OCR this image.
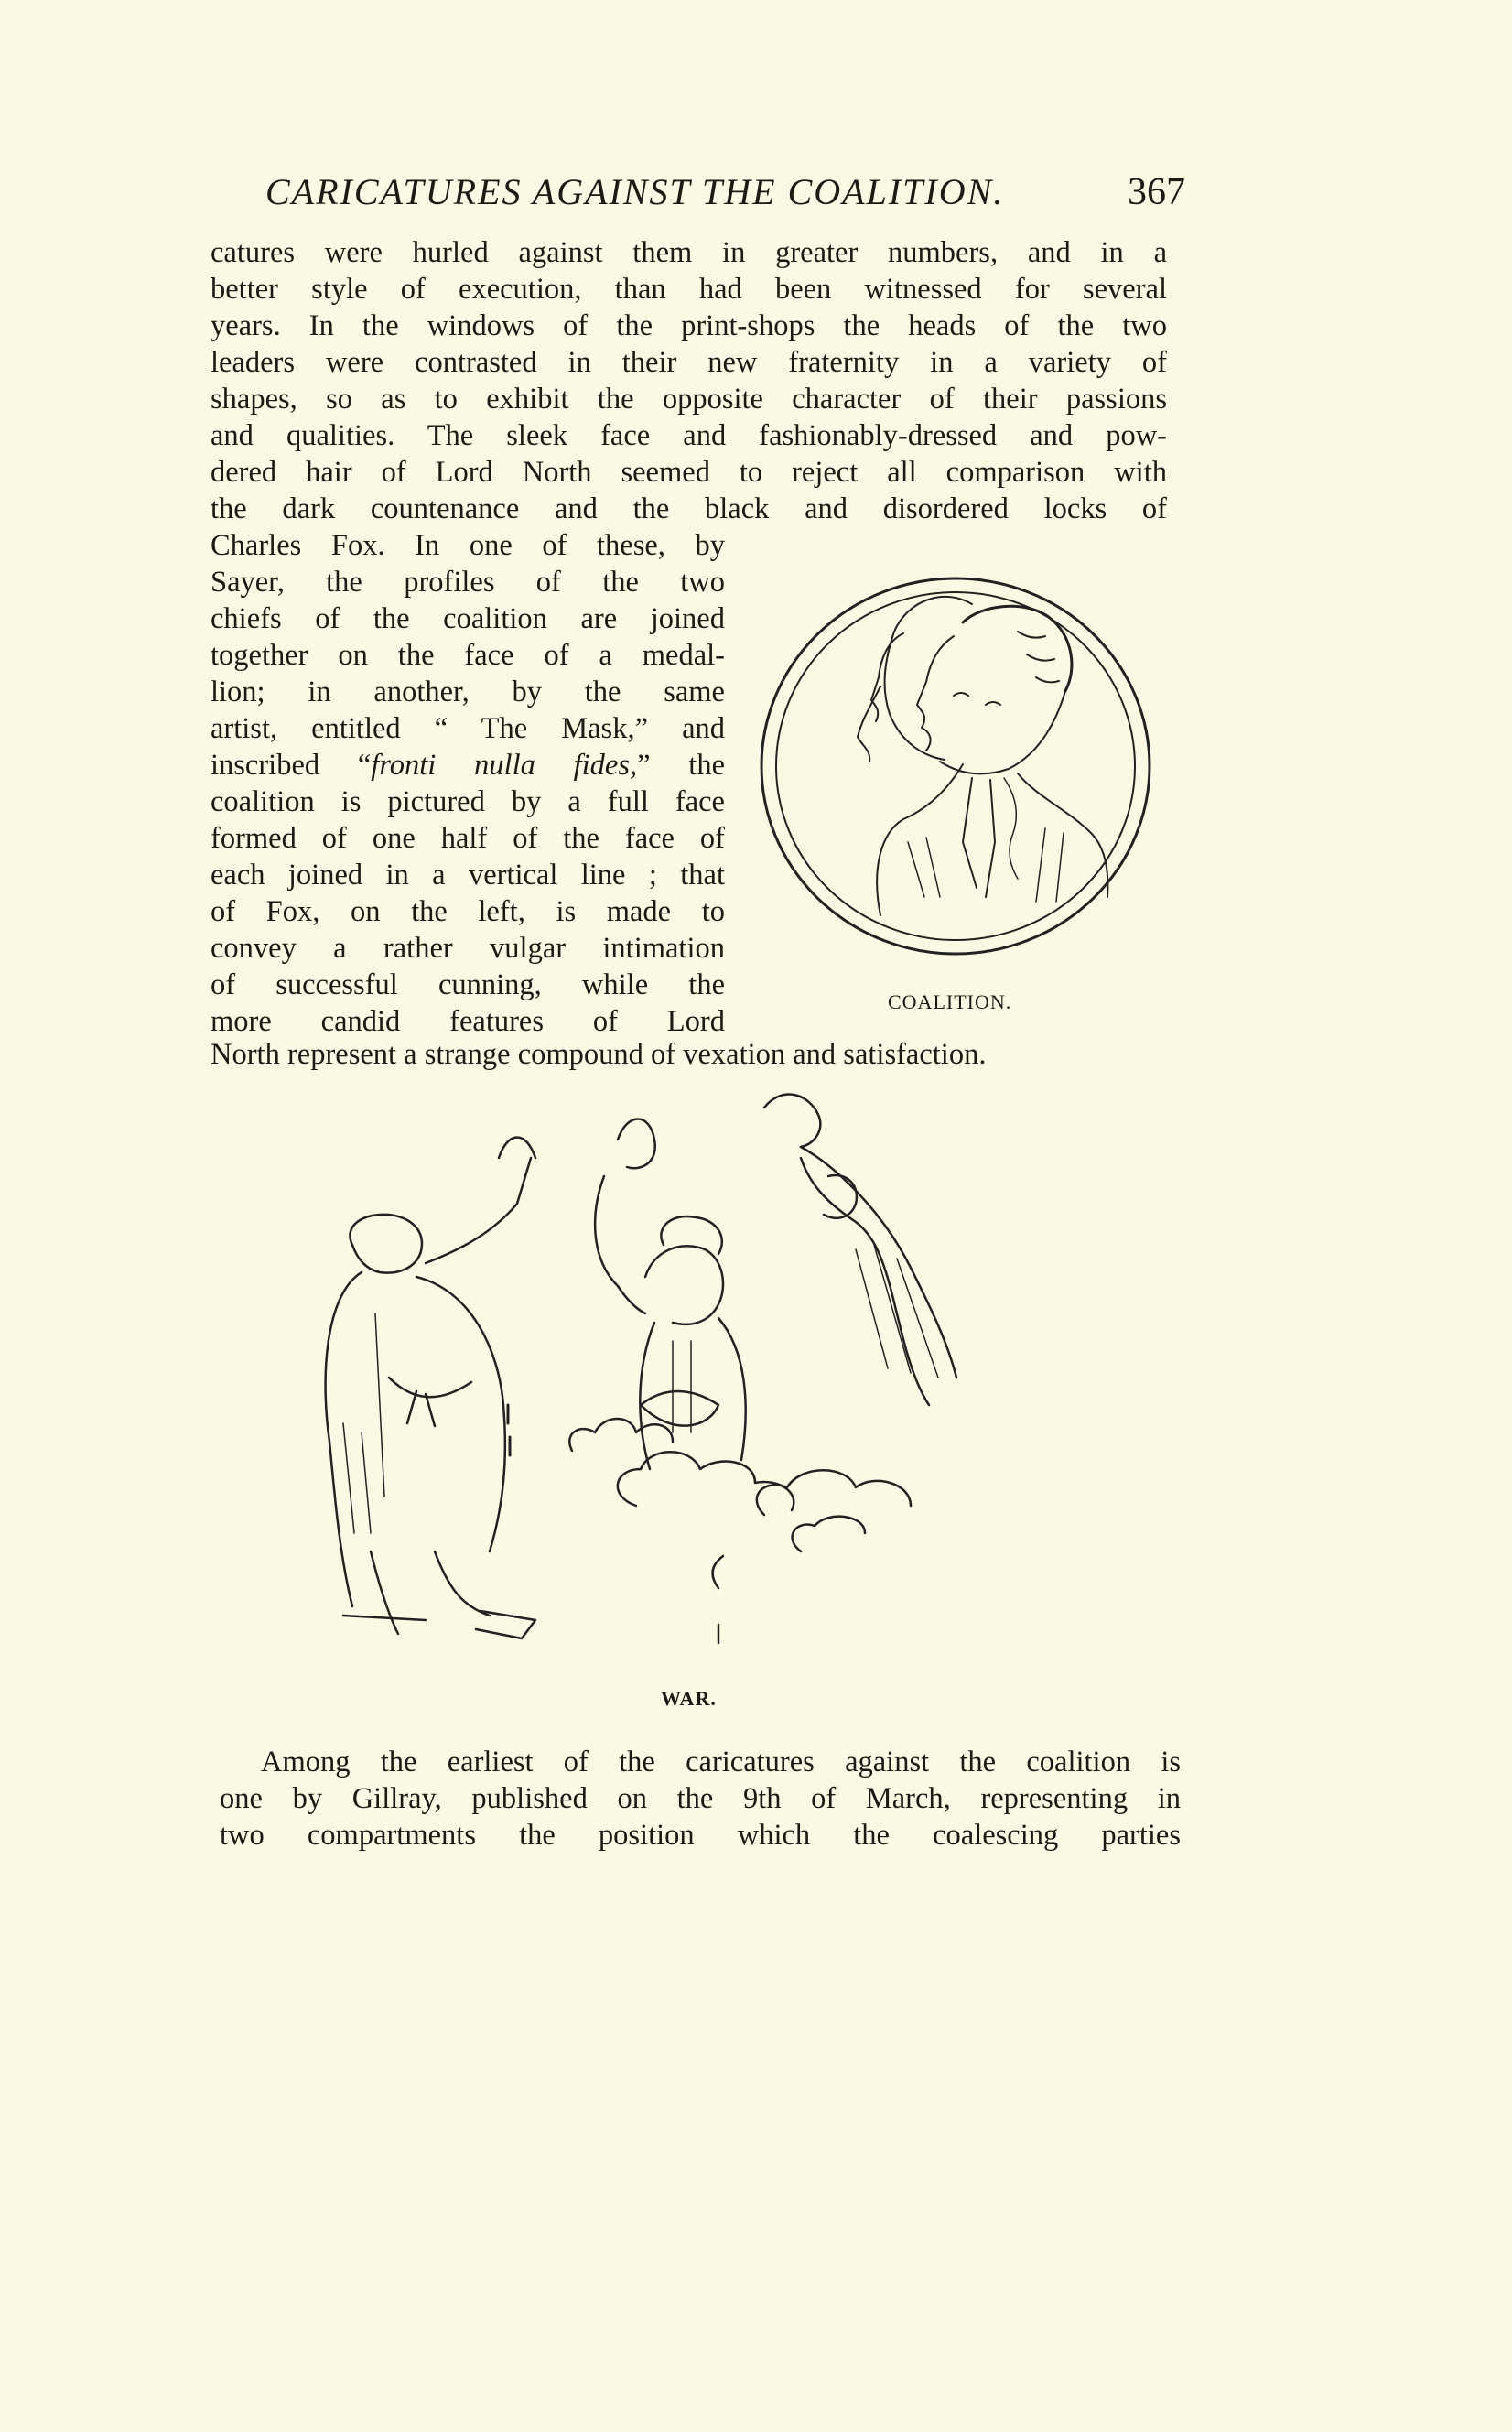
CARICATURES AGAINST THE COALITION.	367
catures were hurled against them in greater numbers, and in a
better style of execution, than had been witnessed for several
years. In the windows of the print-shops the heads of the two
leaders were contrasted in their new fraternity in a variety of
shapes, so as to exhibit the opposite character of their passions
and qualities. The sleek face and fashionably-dressed and pow-
dered hair of Lord North seemed to reject all comparison with
the dark countenance and the black and disordered locks of
Charles Fox. In one of these, by
Sayer, the profiles of the two
chiefs of the coalition are joined
together on the face of a medal-
lion; in another, by the same
artist, entitled “ The Mask,” and
inscribed “fronti nulla fides,” the
coalition is pictured by a full face
formed of one half of the face of
each joined in a vertical line ; that
of Fox, on the left, is made to
convey a rather vulgar intimation
of successful cunning, while the
more candid features of Lord
North represent a strange compound of vexation and satisfaction.
COALITION.
WAR.
Among the earliest of the caricatures against the coalition is
one by Gillray, published on the 9th of March, representing in
two compartments the position which the coalescing parties
